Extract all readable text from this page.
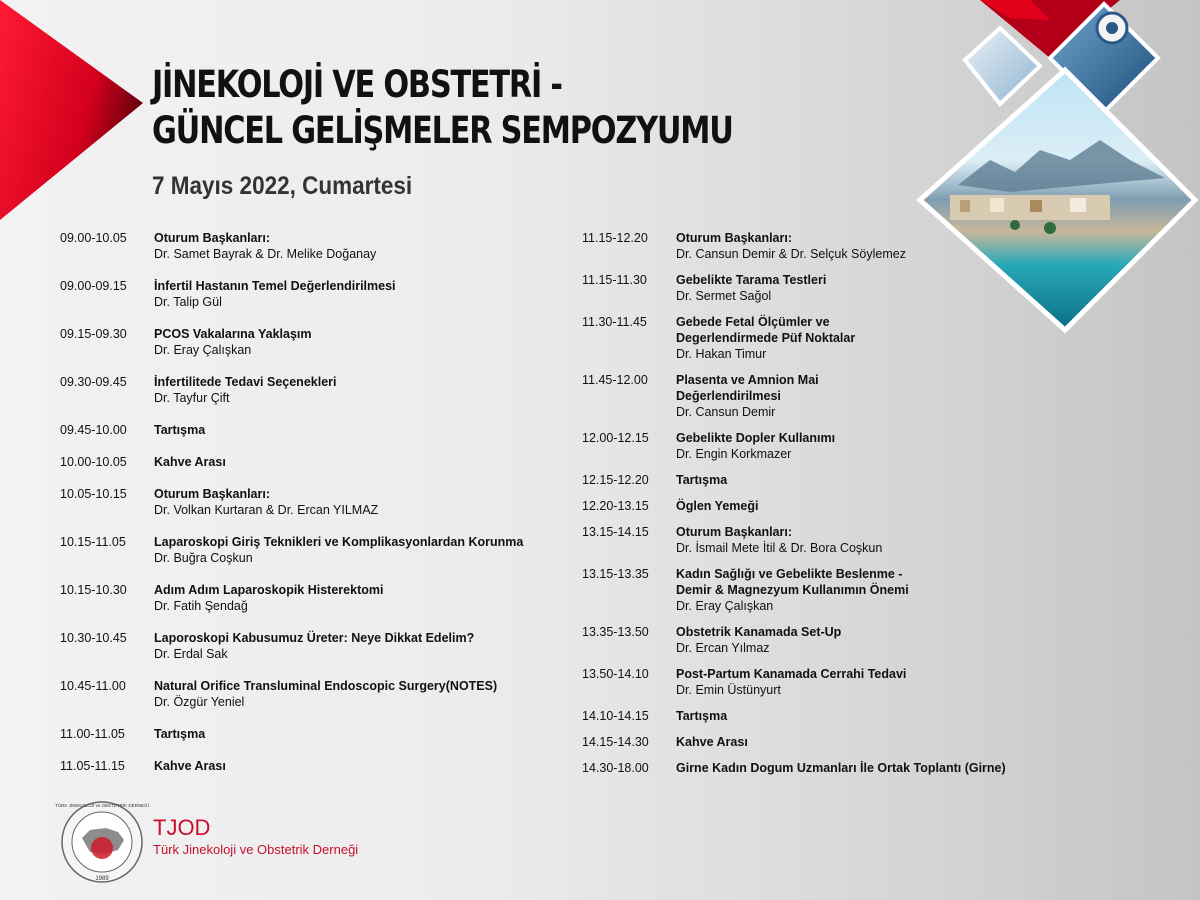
JİNEKOLOJİ VE OBSTETRİ -
GÜNCEL GELİŞMELER SEMPOZYUMU
7 Mayıs 2022, Cumartesi
09.00-10.05	Oturum Başkanları:
Dr. Samet Bayrak & Dr. Melike Doğanay
09.00-09.15	İnfertil Hastanın Temel Değerlendirilmesi
Dr. Talip Gül
09.15-09.30	PCOS Vakalarına Yaklaşım
Dr. Eray Çalışkan
09.30-09.45	İnfertilitede Tedavi Seçenekleri
Dr. Tayfur Çift
09.45-10.00	Tartışma
10.00-10.05	Kahve Arası
10.05-10.15	Oturum Başkanları:
Dr. Volkan Kurtaran & Dr. Ercan YILMAZ
10.15-11.05	Laparoskopi Giriş Teknikleri ve Komplikasyonlardan Korunma
Dr. Buğra Coşkun
10.15-10.30	Adım Adım Laparoskopik Histerektomi
Dr. Fatih Şendağ
10.30-10.45	Laporoskopi Kabusumuz Üreter: Neye Dikkat Edelim?
Dr. Erdal Sak
10.45-11.00	Natural Orifice Transluminal Endoscopic Surgery(NOTES)
Dr. Özgür Yeniel
11.00-11.05	Tartışma
11.05-11.15	Kahve Arası
11.15-12.20	Oturum Başkanları:
Dr. Cansun Demir & Dr. Selçuk Söylemez
11.15-11.30	Gebelikte Tarama Testleri
Dr. Sermet Sağol
11.30-11.45	Gebede Fetal Ölçümler ve
Degerlendirmede Püf Noktalar
Dr. Hakan Timur
11.45-12.00	Plasenta ve Amnion Mai
Değerlendirilmesi
Dr. Cansun Demir
12.00-12.15	Gebelikte Dopler Kullanımı
Dr. Engin Korkmazer
12.15-12.20	Tartışma
12.20-13.15	Öglen Yemeği
13.15-14.15	Oturum Başkanları:
Dr. İsmail Mete İtil & Dr. Bora Coşkun
13.15-13.35	Kadın Sağlığı ve Gebelikte Beslenme -
Demir & Magnezyum Kullanımın Önemi
Dr. Eray Çalışkan
13.35-13.50	Obstetrik Kanamada Set-Up
Dr. Ercan Yılmaz
13.50-14.10	Post-Partum Kanamada Cerrahi Tedavi
Dr. Emin Üstünyurt
14.10-14.15	Tartışma
14.15-14.30	Kahve Arası
14.30-18.00	Girne Kadın Dogum Uzmanları İle Ortak Toplantı (Girne)
TÜRK JİNEKOLOJİ ve OBSTETRİK DERNEĞİ
1989
TJOD
Türk Jinekoloji ve Obstetrik Derneği
